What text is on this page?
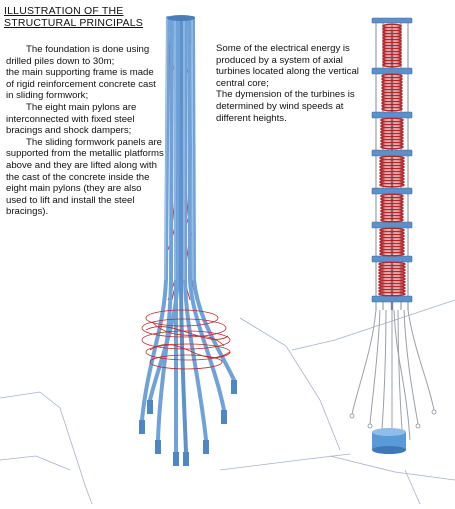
ILLUSTRATION OF THE
STRUCTURAL PRINCIPALS

The foundation is done using drilled piles down to 30m;

the main supporting frame is made of rigid reinforcement concrete cast in sliding formwork;

The eight main pylons are interconnected with fixed steel bracings and shock dampers;

The sliding formwork panels are supported from the metallic platforms above and they are lifted along with the cast of the concrete inside the eight main pylons (they are also used to lift and install the steel bracings).

Some of the electrical energy is produced by a system of axial turbines located along the vertical central core;

The dymension of the turbines is determined by wind speeds at different heights.
